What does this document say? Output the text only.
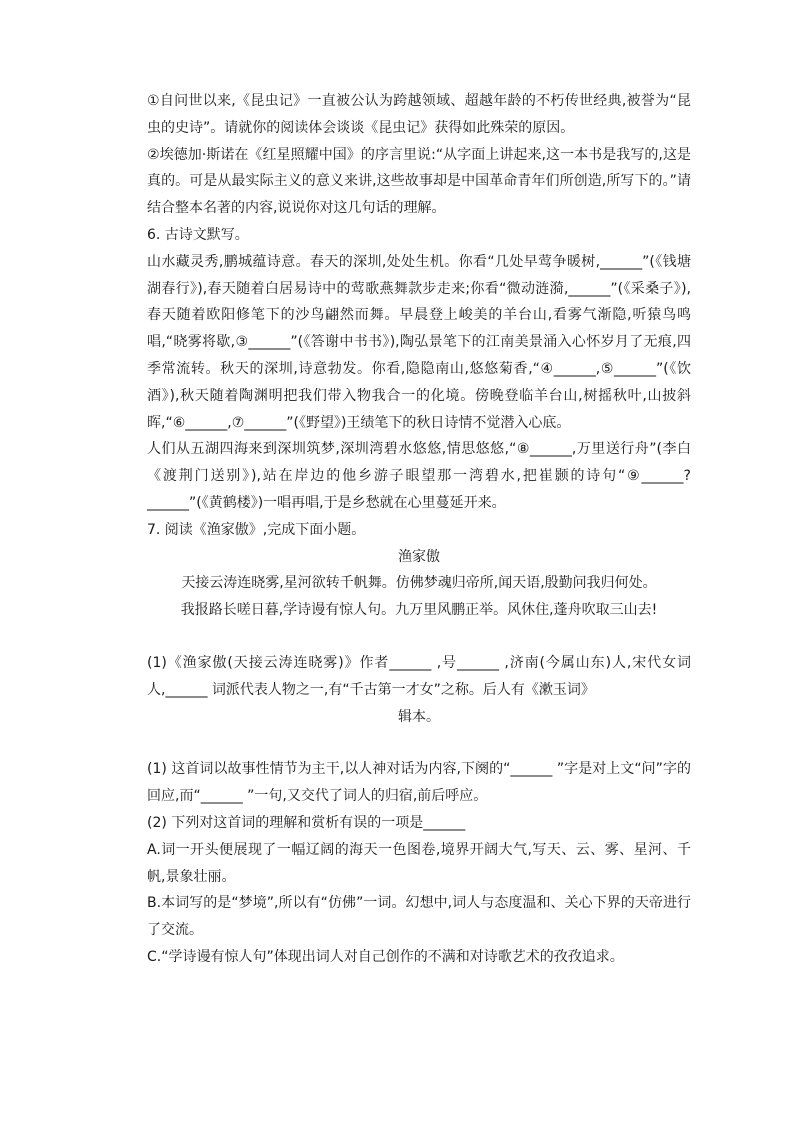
①自问世以来,《昆虫记》一直被公认为跨越领域、超越年龄的不朽传世经典,被誉为“昆虫的史诗”。请就你的阅读体会谈谈《昆虫记》获得如此殊荣的原因。

②埃德加·斯诺在《红星照耀中国》的序言里说:“从字面上讲起来,这一本书是我写的,这是真的。可是从最实际主义的意义来讲,这些故事却是中国革命青年们所创造,所写下的。”请结合整本名著的内容,说说你对这几句话的理解。

6. 古诗文默写。

山水藏灵秀,鹏城蕴诗意。春天的深圳,处处生机。你看“几处早莺争暖树,______”(《钱塘湖春行》),春天随着白居易诗中的莺歌燕舞款步走来;你看“微动涟漪,______”(《采桑子》),春天随着欧阳修笔下的沙鸟翩然而舞。早晨登上峻美的羊台山,看雾气渐隐,听猿鸟鸣唱,“晓雾将歇,③______”(《答谢中书书》),陶弘景笔下的江南美景涌入心怀岁月了无痕,四季常流转。秋天的深圳,诗意勃发。你看,隐隐南山,悠悠菊香,“④______,⑤______”(《饮酒》),秋天随着陶渊明把我们带入物我合一的化境。傍晚登临羊台山,树摇秋叶,山披斜晖,“⑥______,⑦______”(《野望》)王绩笔下的秋日诗情不觉潜入心底。

人们从五湖四海来到深圳筑梦,深圳湾碧水悠悠,情思悠悠,“⑧______,万里送行舟”(李白《渡荆门送别》),站在岸边的他乡游子眼望那一湾碧水,把崔颢的诗句“⑨______?______”(《黄鹤楼》)一唱再唱,于是乡愁就在心里蔓延开来。

7. 阅读《渔家傲》,完成下面小题。

渔家傲

天接云涛连晓雾,星河欲转千帆舞。仿佛梦魂归帝所,闻天语,殷勤问我归何处。

我报路长嗟日暮,学诗谩有惊人句。九万里风鹏正举。风休住,蓬舟吹取三山去!

(1)《渔家傲(天接云涛连晓雾)》作者______ ,号______ ,济南(今属山东)人,宋代女词人,______ 词派代表人物之一,有“千古第一才女”之称。后人有《漱玉词》

辑本。

(1) 这首词以故事性情节为主干,以人神对话为内容,下阕的“______ ”字是对上文“问”字的回应,而“______ ”一句,又交代了词人的归宿,前后呼应。

(2) 下列对这首词的理解和赏析有误的一项是______

A.词一开头便展现了一幅辽阔的海天一色图卷,境界开阔大气,写天、云、雾、星河、千帆,景象壮丽。

B.本词写的是“梦境”,所以有“仿佛”一词。幻想中,词人与态度温和、关心下界的天帝进行了交流。

C.“学诗谩有惊人句”体现出词人对自己创作的不满和对诗歌艺术的孜孜追求。
